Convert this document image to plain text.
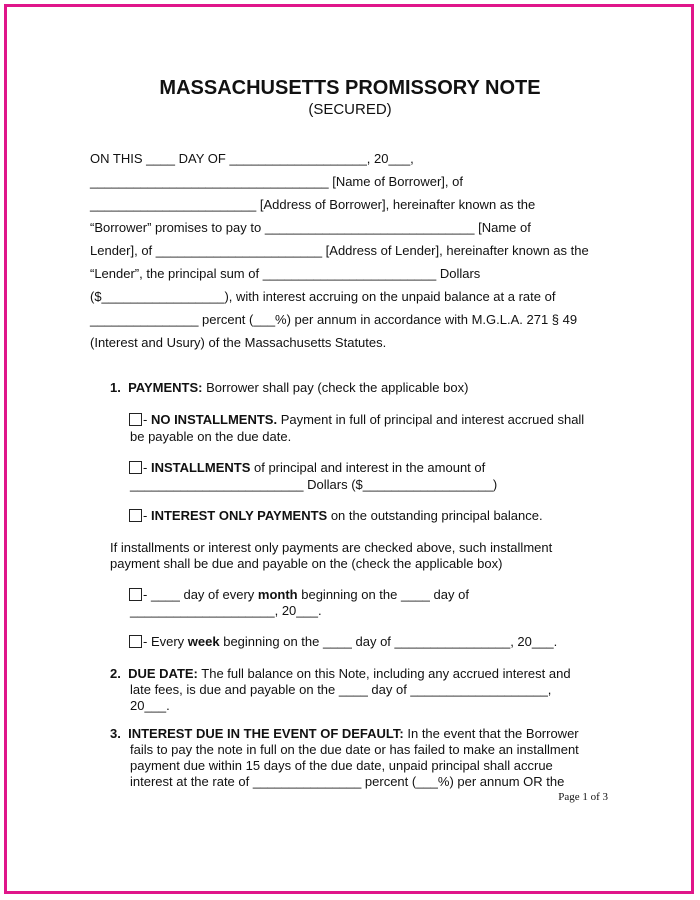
MASSACHUSETTS PROMISSORY NOTE
(SECURED)
ON THIS ____ DAY OF ___________________, 20___,
_________________________________ [Name of Borrower], of
_______________________ [Address of Borrower], hereinafter known as the
“Borrower” promises to pay to _____________________________ [Name of
Lender], of _______________________ [Address of Lender], hereinafter known as the
“Lender”, the principal sum of ________________________ Dollars
($_________________), with interest accruing on the unpaid balance at a rate of
_______________ percent (___%) per annum in accordance with M.G.L.A. 271 § 49
(Interest and Usury) of the Massachusetts Statutes.
1. PAYMENTS: Borrower shall pay (check the applicable box)
- NO INSTALLMENTS. Payment in full of principal and interest accrued shall
be payable on the due date.
- INSTALLMENTS of principal and interest in the amount of
________________________ Dollars ($__________________)
- INTEREST ONLY PAYMENTS on the outstanding principal balance.
If installments or interest only payments are checked above, such installment
payment shall be due and payable on the (check the applicable box)
- ____ day of every month beginning on the ____ day of
____________________, 20___.
- Every week beginning on the ____ day of ________________, 20___.
2. DUE DATE: The full balance on this Note, including any accrued interest and
late fees, is due and payable on the ____ day of ___________________,
20___.
3. INTEREST DUE IN THE EVENT OF DEFAULT: In the event that the Borrower
fails to pay the note in full on the due date or has failed to make an installment
payment due within 15 days of the due date, unpaid principal shall accrue
interest at the rate of _______________ percent (___%) per annum OR the
Page 1 of 3
